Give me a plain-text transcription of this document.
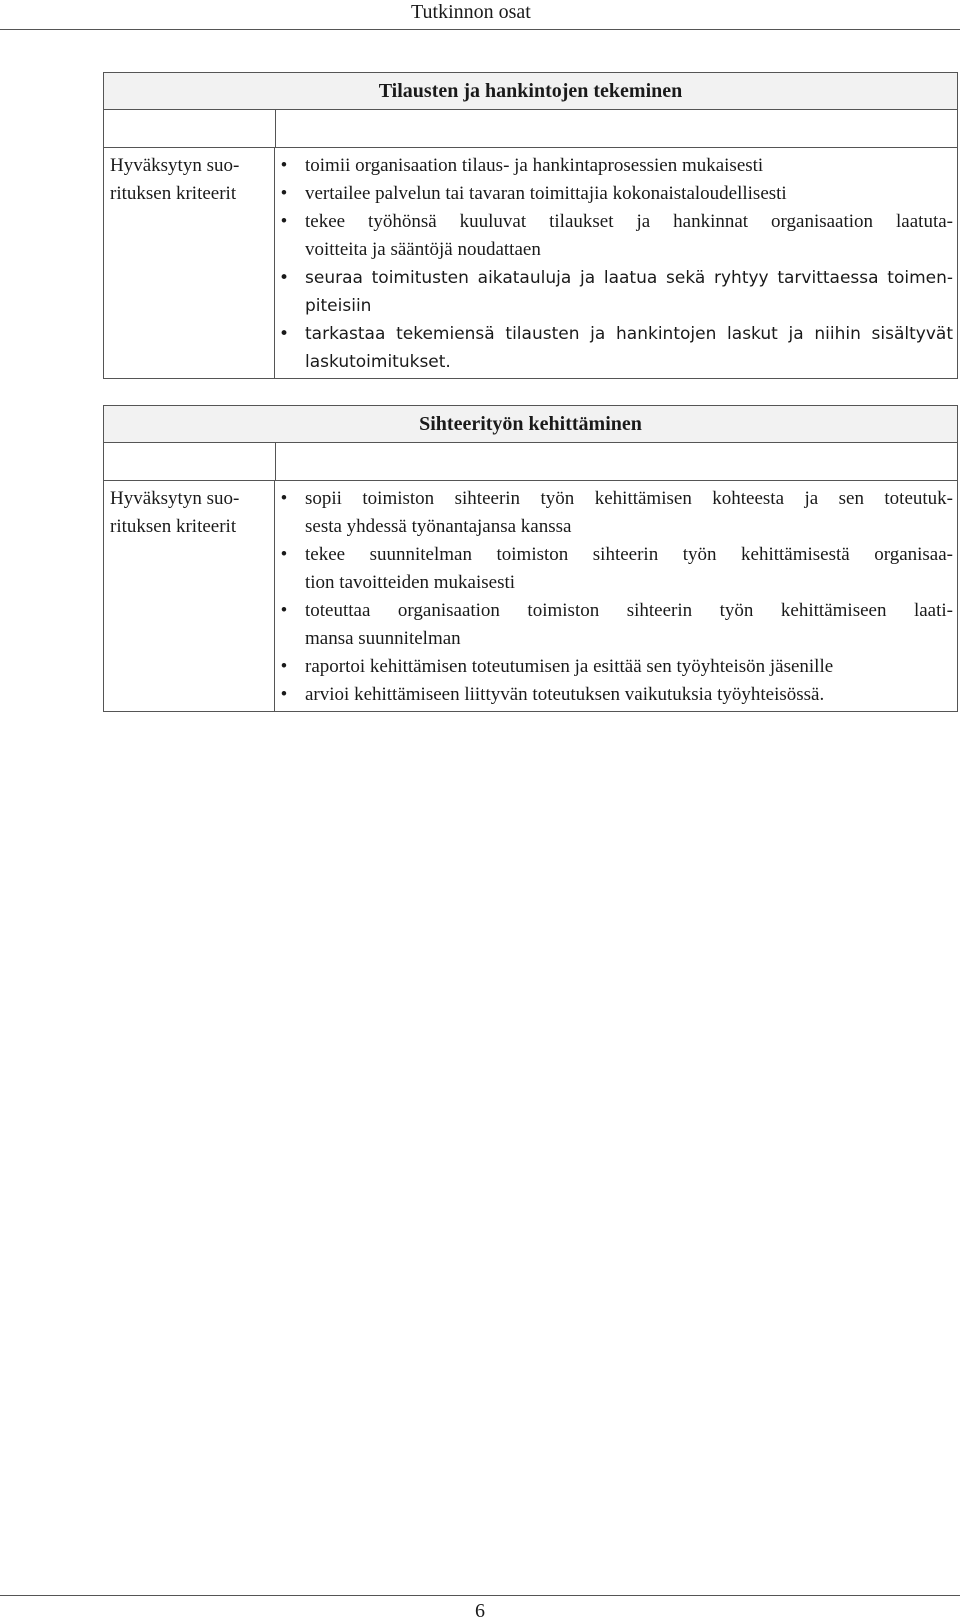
Tutkinnon osat
Tilausten ja hankintojen tekeminen
Hyväksytyn suo-
rituksen kriteerit
• toimii organisaation tilaus- ja hankintaprosessien mukaisesti
• vertailee palvelun tai tavaran toimittajia kokonaistaloudellisesti
• tekee työhönsä kuuluvat tilaukset ja hankinnat organisaation laatuta-
voitteita ja sääntöjä noudattaen
• seuraa toimitusten aikatauluja ja laatua sekä ryhtyy tarvittaessa toimen-
piteisiin
• tarkastaa tekemiensä tilausten ja hankintojen laskut ja niihin sisältyvät
laskutoimitukset.
Sihteerityön kehittäminen
Hyväksytyn suo-
rituksen kriteerit
• sopii toimiston sihteerin työn kehittämisen kohteesta ja sen toteutuk-
sesta yhdessä työnantajansa kanssa
• tekee suunnitelman toimiston sihteerin työn kehittämisestä organisaa-
tion tavoitteiden mukaisesti
• toteuttaa organisaation toimiston sihteerin työn kehittämiseen laati-
mansa suunnitelman
• raportoi kehittämisen toteutumisen ja esittää sen työyhteisön jäsenille
• arvioi kehittämiseen liittyvän toteutuksen vaikutuksia työyhteisössä.
6
